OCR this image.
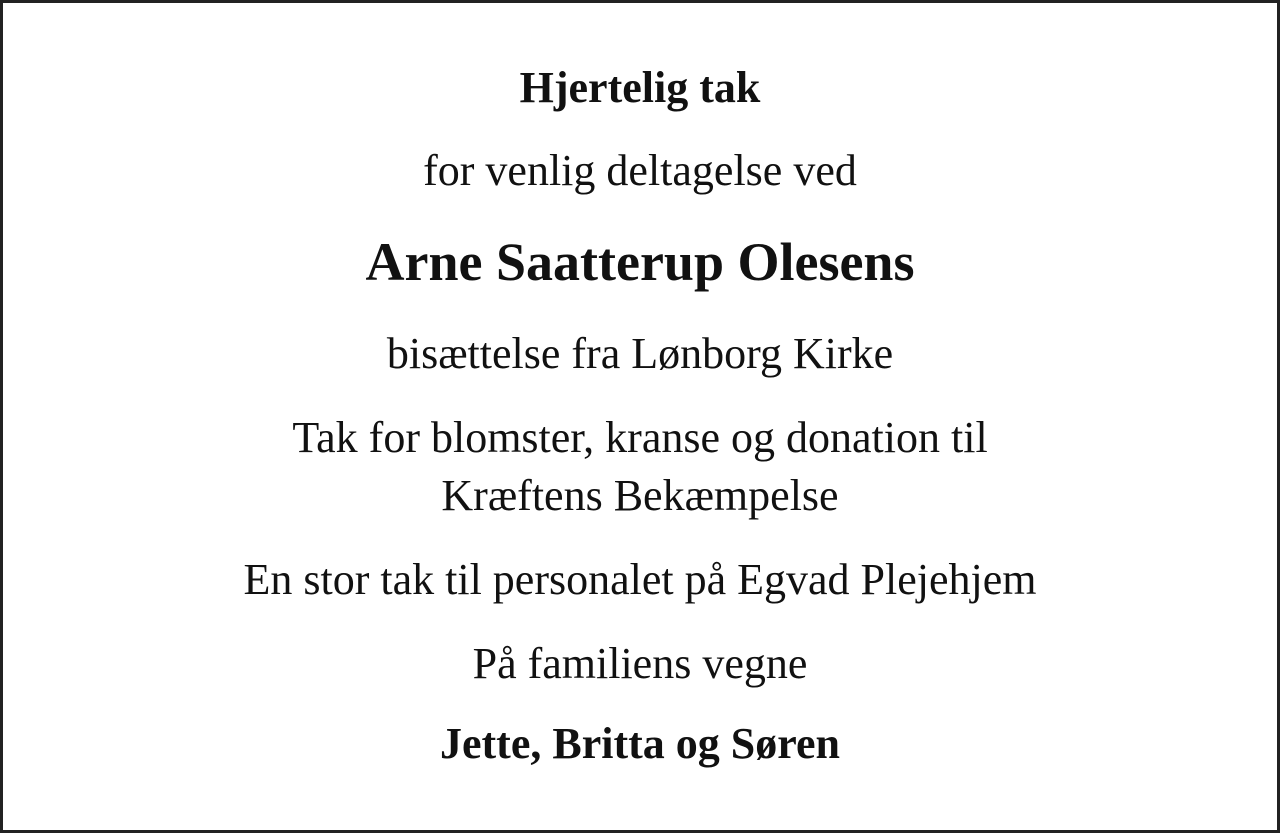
Hjertelig tak
for venlig deltagelse ved
Arne Saatterup Olesens
bisættelse fra Lønborg Kirke
Tak for blomster, kranse og donation til
Kræftens Bekæmpelse
En stor tak til personalet på Egvad Plejehjem
På familiens vegne
Jette, Britta og Søren
